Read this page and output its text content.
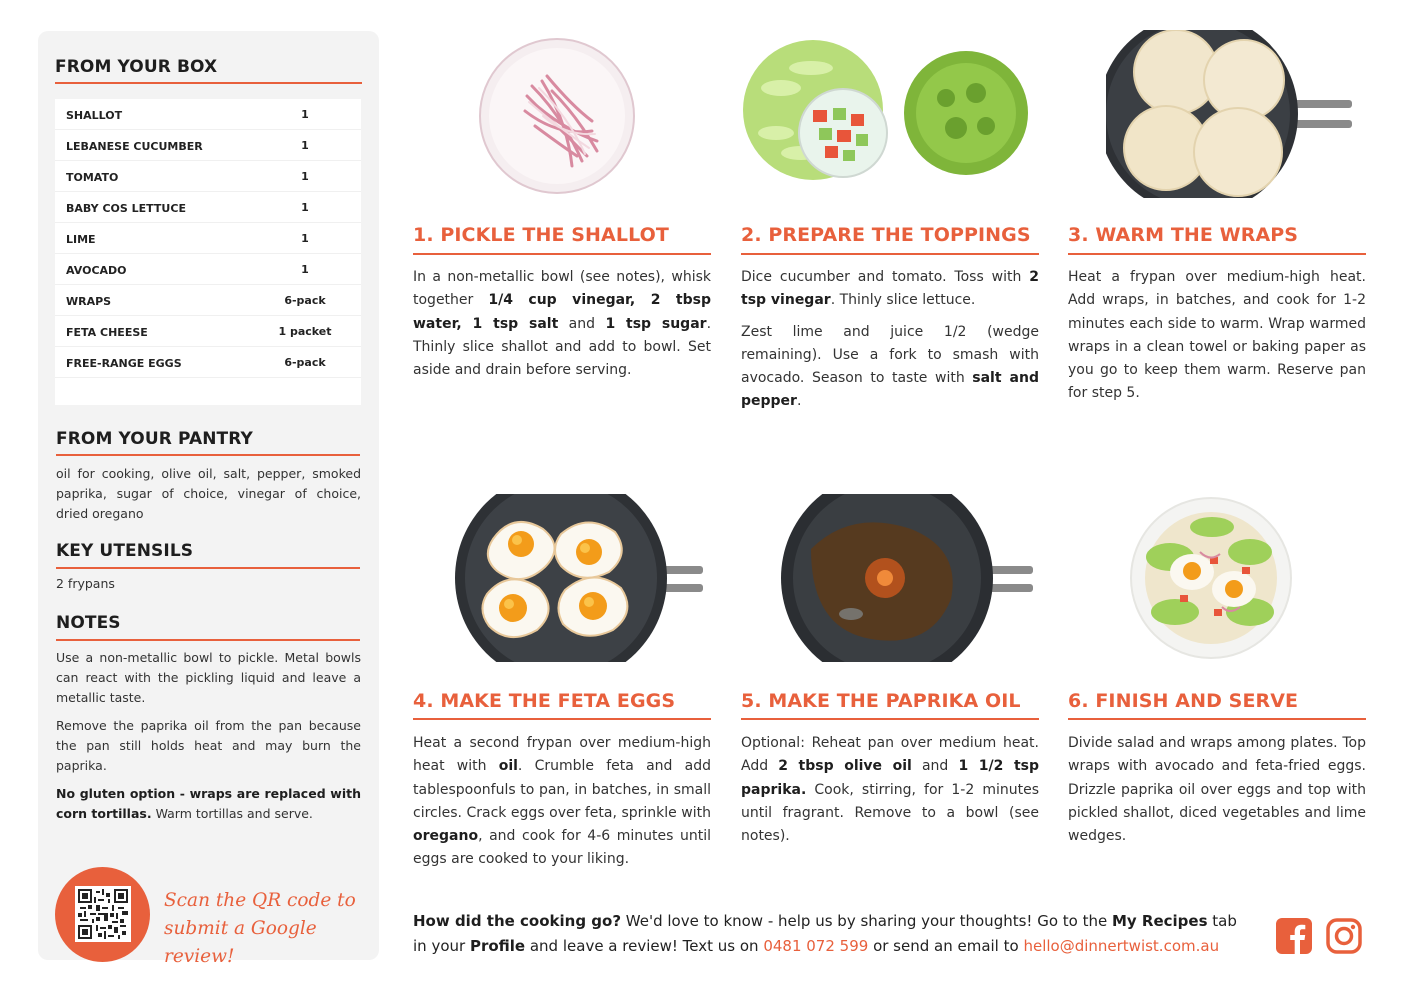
FROM YOUR BOX
SHALLOT	1
LEBANESE CUCUMBER	1
TOMATO	1
BABY COS LETTUCE	1
LIME	1
AVOCADO	1
WRAPS	6-pack
FETA CHEESE	1 packet
FREE-RANGE EGGS	6-pack
FROM YOUR PANTRY
oil for cooking, olive oil, salt, pepper, smoked paprika, sugar of choice, vinegar of choice, dried oregano
KEY UTENSILS
2 frypans
NOTES

Use a non-metallic bowl to pickle. Metal bowls can react with the pickling liquid and leave a metallic taste.

Remove the paprika oil from the pan because the pan still holds heat and may burn the paprika.

No gluten option - wraps are replaced with corn tortillas. Warm tortillas and serve.

Scan the QR code to
submit a Google review!
1. PICKLE THE SHALLOT

In a non-metallic bowl (see notes), whisk together 1/4 cup vinegar, 2 tbsp water, 1 tsp salt and 1 tsp sugar. Thinly slice shallot and add to bowl. Set aside and drain before serving.

2. PREPARE THE TOPPINGS

Dice cucumber and tomato. Toss with 2 tsp vinegar. Thinly slice lettuce.

Zest lime and juice 1/2 (wedge remaining). Use a fork to smash with avocado. Season to taste with salt and pepper.

3. WARM THE WRAPS
Heat a frypan over medium-high heat. Add wraps, in batches, and cook for 1-2 minutes each side to warm. Wrap warmed wraps in a clean towel or baking paper as you go to keep them warm. Reserve pan for step 5.
4. MAKE THE FETA EGGS

Heat a second frypan over medium-high heat with oil. Crumble feta and add tablespoonfuls to pan, in batches, in small circles. Crack eggs over feta, sprinkle with oregano, and cook for 4-6 minutes until eggs are cooked to your liking.

5. MAKE THE PAPRIKA OIL

Optional: Reheat pan over medium heat. Add 2 tbsp olive oil and 1 1/2 tsp paprika. Cook, stirring, for 1-2 minutes until fragrant. Remove to a bowl (see notes).

6. FINISH AND SERVE
Divide salad and wraps among plates. Top wraps with avocado and feta-fried eggs. Drizzle paprika oil over eggs and top with pickled shallot, diced vegetables and lime wedges.
How did the cooking go? We'd love to know - help us by sharing your thoughts! Go to the My Recipes tab in your Profile and leave a review! Text us on 0481 072 599 or send an email to hello@dinnertwist.com.au
